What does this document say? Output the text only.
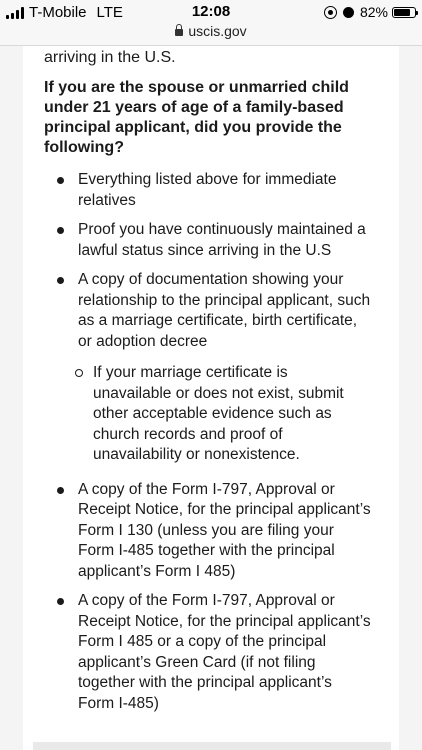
T-Mobile LTE	12:08
uscis.gov
82%

arriving in the U.S.

If you are the spouse or unmarried child under 21 years of age of a family-based principal applicant, did you provide the following?
Everything listed above for immediate relatives
Proof you have continuously maintained a lawful status since arriving in the U.S
A copy of documentation showing your relationship to the principal applicant, such as a marriage certificate, birth certificate, or adoption decree
If your marriage certificate is unavailable or does not exist, submit other acceptable evidence such as church records and proof of unavailability or nonexistence.
A copy of the Form I-797, Approval or Receipt Notice, for the principal applicant’s Form I 130 (unless you are filing your Form I-485 together with the principal applicant’s Form I 485)
A copy of the Form I-797, Approval or Receipt Notice, for the principal applicant’s Form I 485 or a copy of the principal applicant’s Green Card (if not filing together with the principal applicant’s Form I-485)
